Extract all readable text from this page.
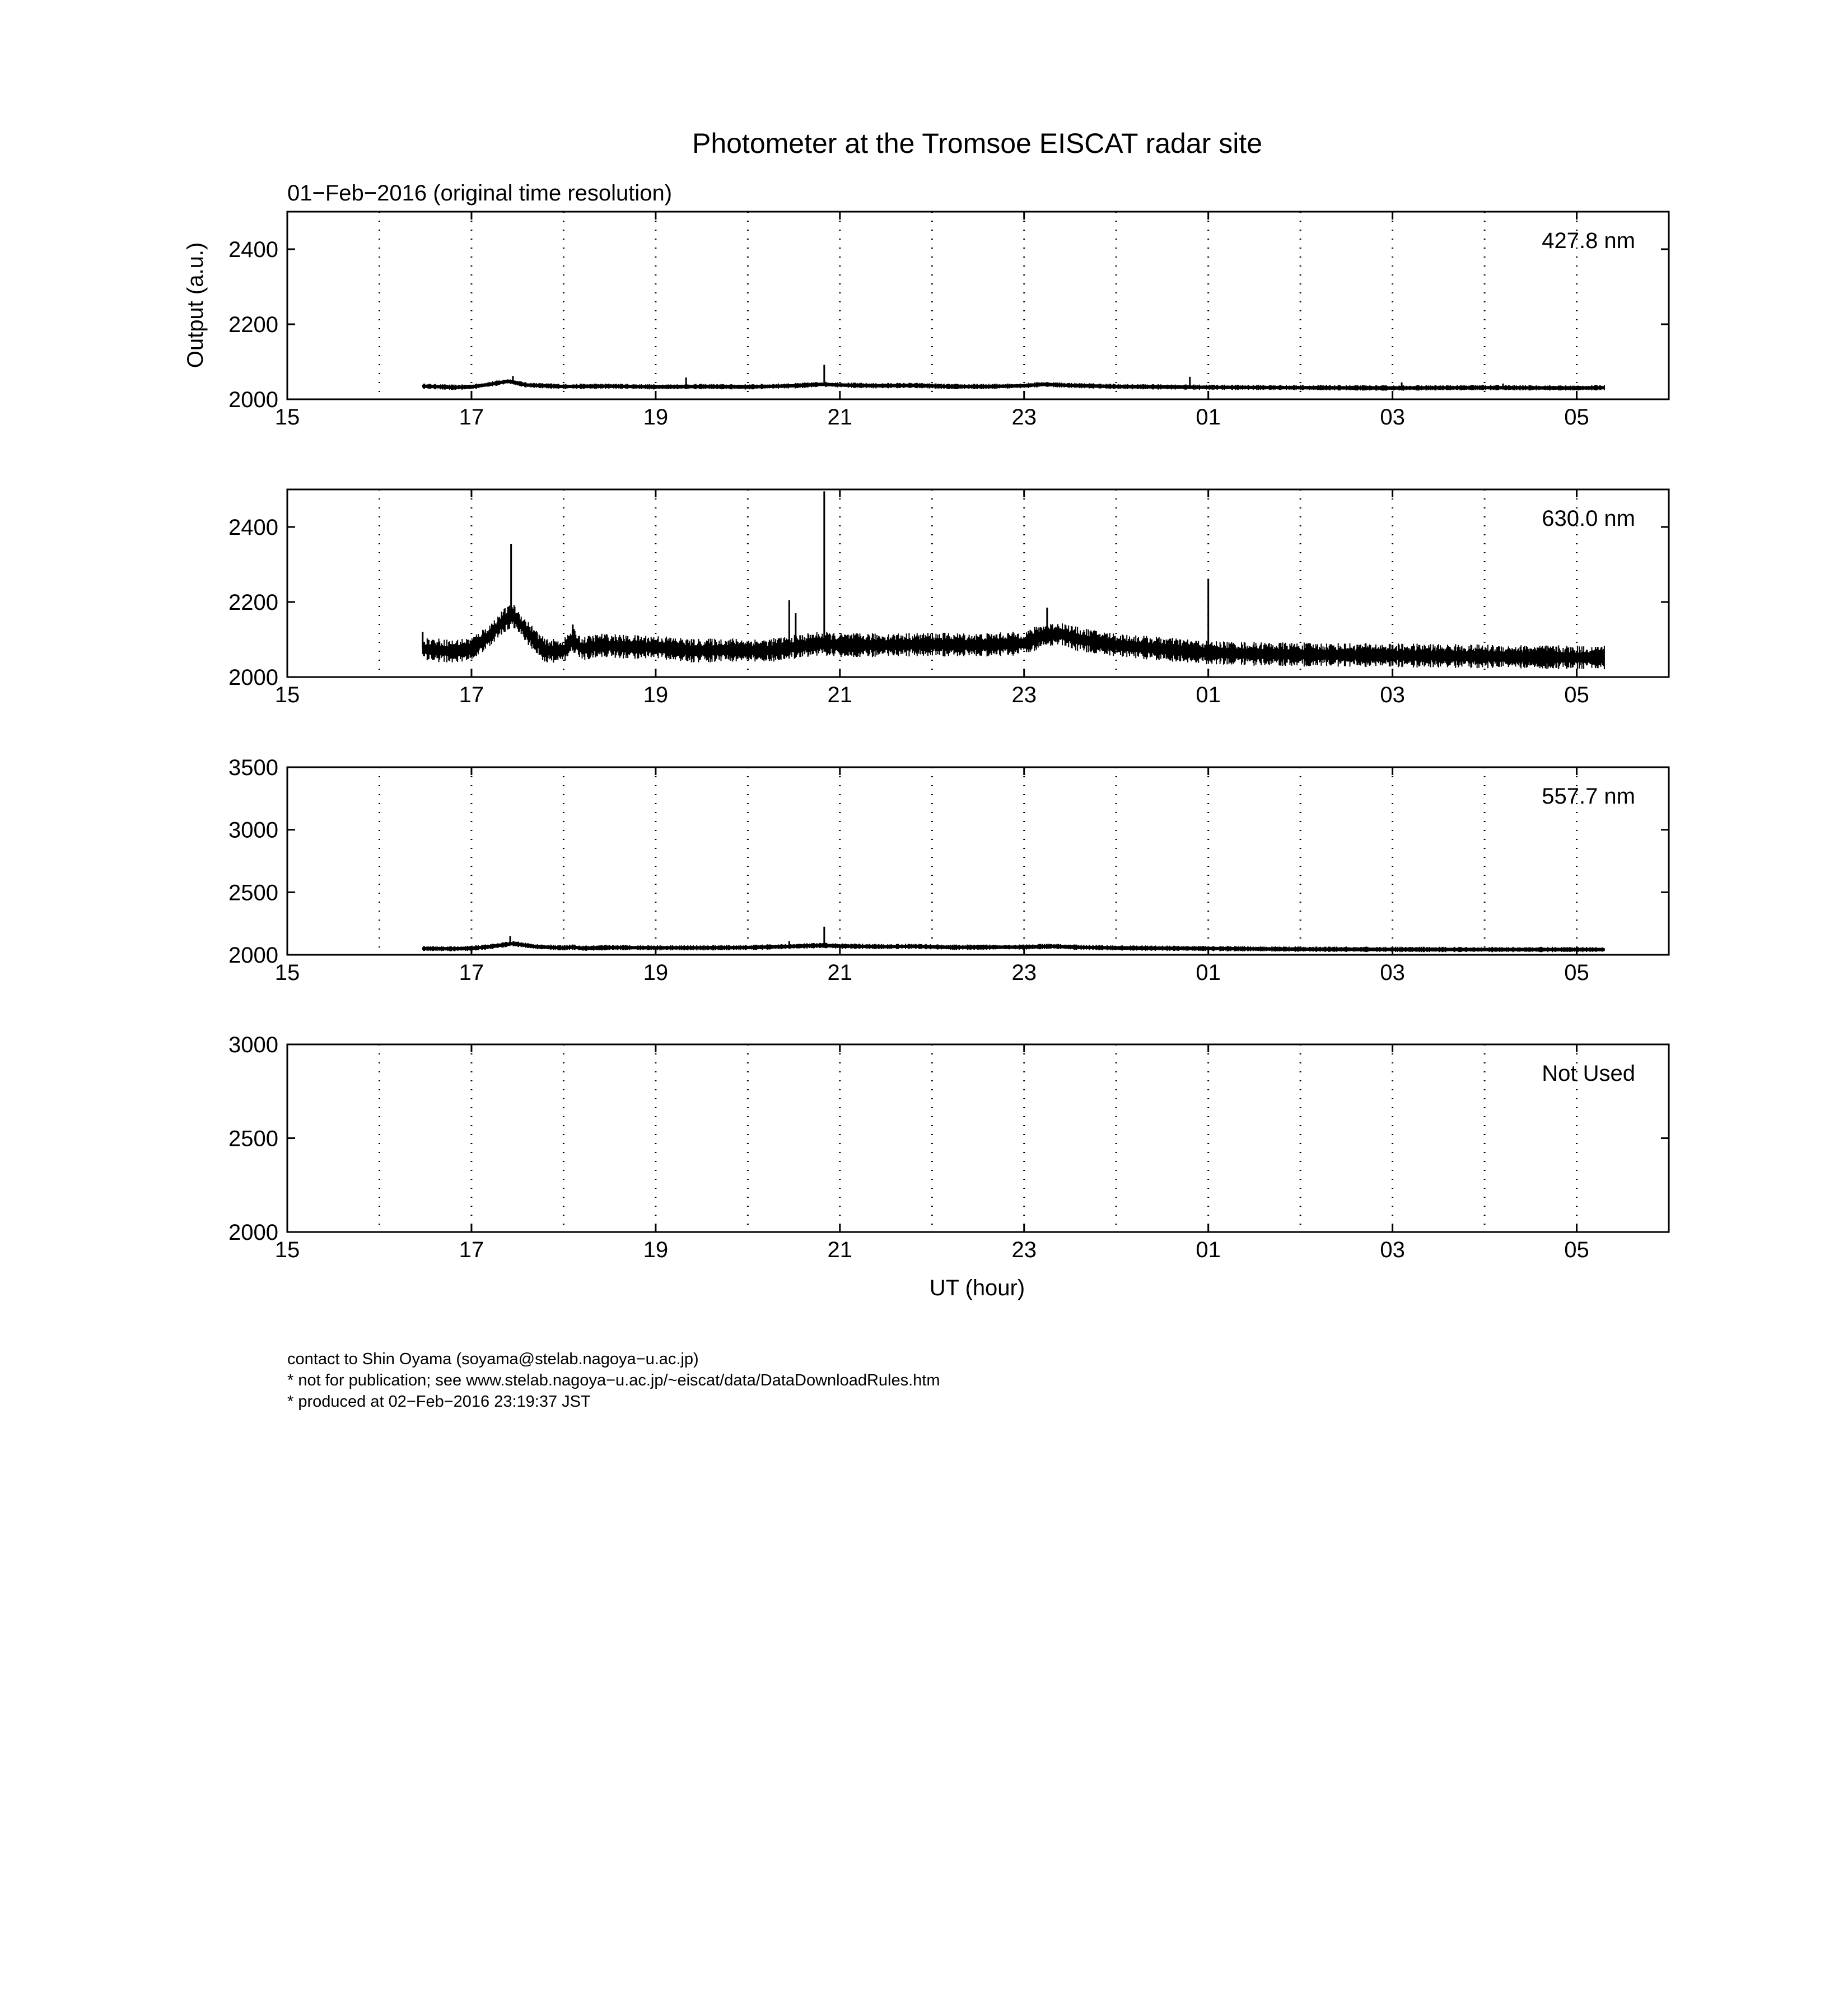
Photometer at the Tromsoe EISCAT radar site
01−Feb−2016 (original time resolution)
Output (a.u.)
UT (hour)
15	17	19	21	23	01	03	05
2000
2200
2400	427.8 nm
15	17	19	21	23	01	03	05
2000
2200
2400	630.0 nm
15	17	19	21	23	01	03	05
2000
2500
3000
3500
557.7 nm
15	17	19	21	23	01	03	05
2000
2500
3000
Not Used
contact to Shin Oyama (soyama@stelab.nagoya−u.ac.jp)
* not for publication; see www.stelab.nagoya−u.ac.jp/~eiscat/data/DataDownloadRules.htm
* produced at 02−Feb−2016 23:19:37 JST
